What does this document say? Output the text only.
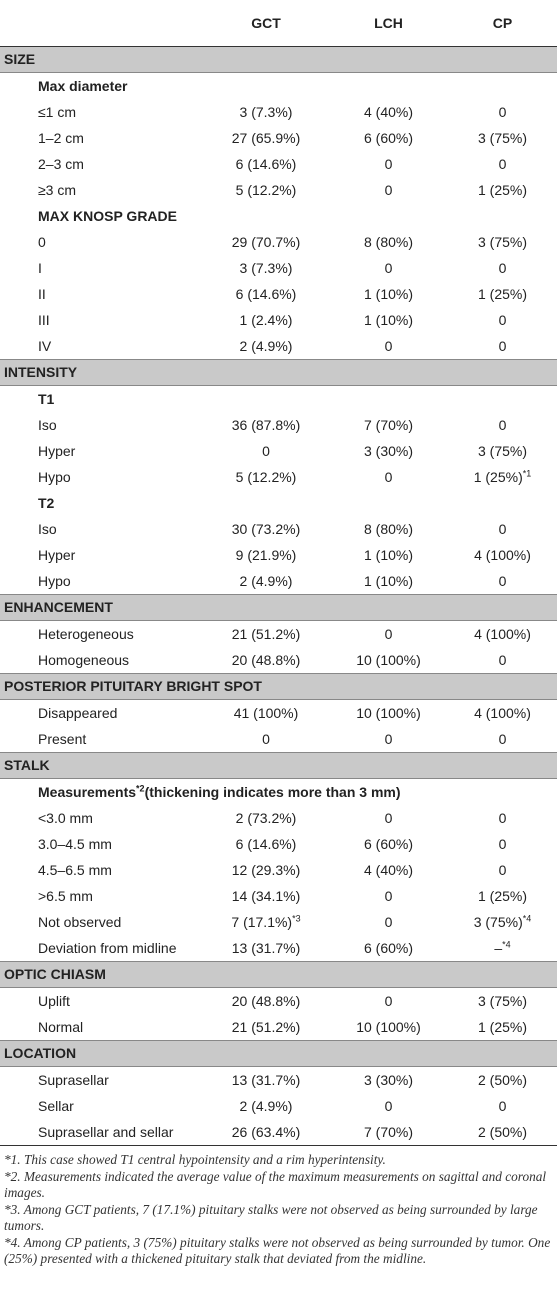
	GCT	LCH	CP
SIZE			
Max diameter			
≤1 cm	3 (7.3%)	4 (40%)	0
1–2 cm	27 (65.9%)	6 (60%)	3 (75%)
2–3 cm	6 (14.6%)	0	0
≥3 cm	5 (12.2%)	0	1 (25%)
MAX KNOSP GRADE			
0	29 (70.7%)	8 (80%)	3 (75%)
I	3 (7.3%)	0	0
II	6 (14.6%)	1 (10%)	1 (25%)
III	1 (2.4%)	1 (10%)	0
IV	2 (4.9%)	0	0
INTENSITY			
T1			
Iso	36 (87.8%)	7 (70%)	0
Hyper	0	3 (30%)	3 (75%)
Hypo	5 (12.2%)	0	1 $(25\%)^{*1}$
T2			
Iso	30 (73.2%)	8 (80%)	0
Hyper	9 (21.9%)	1 (10%)	4 (100%)
Hypo	2 (4.9%)	1 (10%)	0
ENHANCEMENT			
Heterogeneous	21 (51.2%)	0	4 (100%)
Homogeneous	20 (48.8%)	10 (100%)	0
POSTERIOR PITUITARY BRIGHT SPOT			
Disappeared	41 (100%)	10 (100%)	4 (100%)
Present	0	0	0
STALK			
Measurements$^{*2}$(thickening indicates more than 3 mm)			
<3.0 mm	2 (73.2%)	0	0
3.0–4.5 mm	6 (14.6%)	6 (60%)	0
4.5–6.5 mm	12 (29.3%)	4 (40%)	0
>6.5 mm	14 (34.1%)	0	1 (25%)
Not observed	7 $(17.1\%)^{*3}$	0	3 $(75\%)^{*4}$
Deviation from midline	13 (31.7%)	6 (60%)	–$^{*4}$
OPTIC CHIASM			
Uplift	20 (48.8%)	0	3 (75%)
Normal	21 (51.2%)	10 (100%)	1 (25%)
LOCATION			
Suprasellar	13 (31.7%)	3 (30%)	2 (50%)
Sellar	2 (4.9%)	0	0
Suprasellar and sellar	26 (63.4%)	7 (70%)	2 (50%)

*1. This case showed T1 central hypointensity and a rim hyperintensity.

*2. Measurements indicated the average value of the maximum measurements on sagittal and coronal images.

*3. Among GCT patients, 7 (17.1%) pituitary stalks were not observed as being surrounded by large tumors.

*4. Among CP patients, 3 (75%) pituitary stalks were not observed as being surrounded by tumor. One (25%) presented with a thickened pituitary stalk that deviated from the midline.
